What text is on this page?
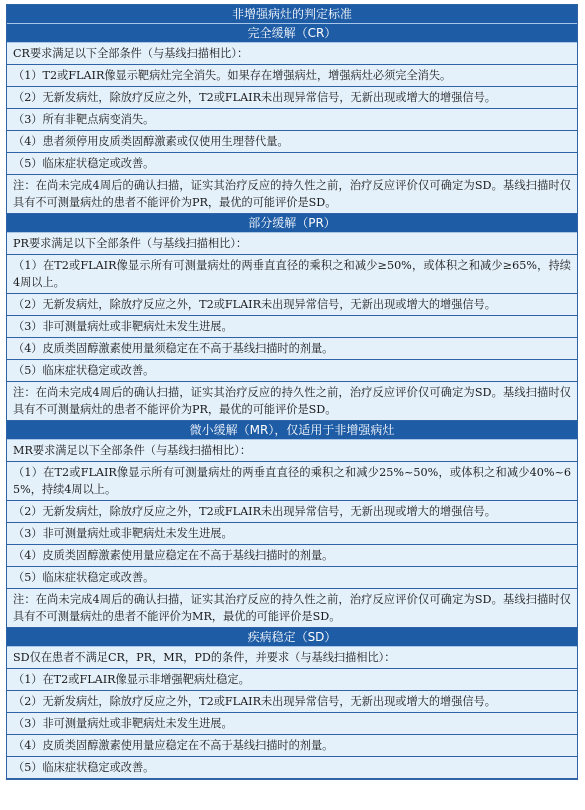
非增强病灶的判定标准
完全缓解（CR）
CR要求满足以下全部条件（与基线扫描相比）：
（1）T2或FLAIR像显示靶病灶完全消失。如果存在增强病灶，增强病灶必须完全消失。
（2）无新发病灶，除放疗反应之外，T2或FLAIR未出现异常信号，无新出现或增大的增强信号。
（3）所有非靶点病变消失。
（4）患者须停用皮质类固醇激素或仅使用生理替代量。
（5）临床症状稳定或改善。
注：在尚未完成4周后的确认扫描，证实其治疗反应的持久性之前，治疗反应评价仅可确定为SD。基线扫描时仅具有不可测量病灶的患者不能评价为PR，最优的可能评价是SD。
部分缓解（PR）
PR要求满足以下全部条件（与基线扫描相比）：
（1）在T2或FLAIR像显示所有可测量病灶的两垂直直径的乘积之和减少≥50%，或体积之和减少≥65%，持续4周以上。
（2）无新发病灶，除放疗反应之外，T2或FLAIR未出现异常信号，无新出现或增大的增强信号。
（3）非可测量病灶或非靶病灶未发生进展。
（4）皮质类固醇激素使用量须稳定在不高于基线扫描时的剂量。
（5）临床症状稳定或改善。
注：在尚未完成4周后的确认扫描，证实其治疗反应的持久性之前，治疗反应评价仅可确定为SD。基线扫描时仅具有不可测量病灶的患者不能评价为PR，最优的可能评价是SD。
微小缓解（MR），仅适用于非增强病灶
MR要求满足以下全部条件（与基线扫描相比）：
（1）在T2或FLAIR像显示所有可测量病灶的两垂直直径的乘积之和减少25%~50%，或体积之和减少40%~65%，持续4周以上。
（2）无新发病灶，除放疗反应之外，T2或FLAIR未出现异常信号，无新出现或增大的增强信号。
（3）非可测量病灶或非靶病灶未发生进展。
（4）皮质类固醇激素使用量应稳定在不高于基线扫描时的剂量。
（5）临床症状稳定或改善。
注：在尚未完成4周后的确认扫描，证实其治疗反应的持久性之前，治疗反应评价仅可确定为SD。基线扫描时仅具有不可测量病灶的患者不能评价为MR，最优的可能评价是SD。
疾病稳定（SD）
SD仅在患者不满足CR，PR，MR，PD的条件，并要求（与基线扫描相比）：
（1）在T2或FLAIR像显示非增强靶病灶稳定。
（2）无新发病灶，除放疗反应之外，T2或FLAIR未出现异常信号，无新出现或增大的增强信号。
（3）非可测量病灶或非靶病灶未发生进展。
（4）皮质类固醇激素使用量应稳定在不高于基线扫描时的剂量。
（5）临床症状稳定或改善。
